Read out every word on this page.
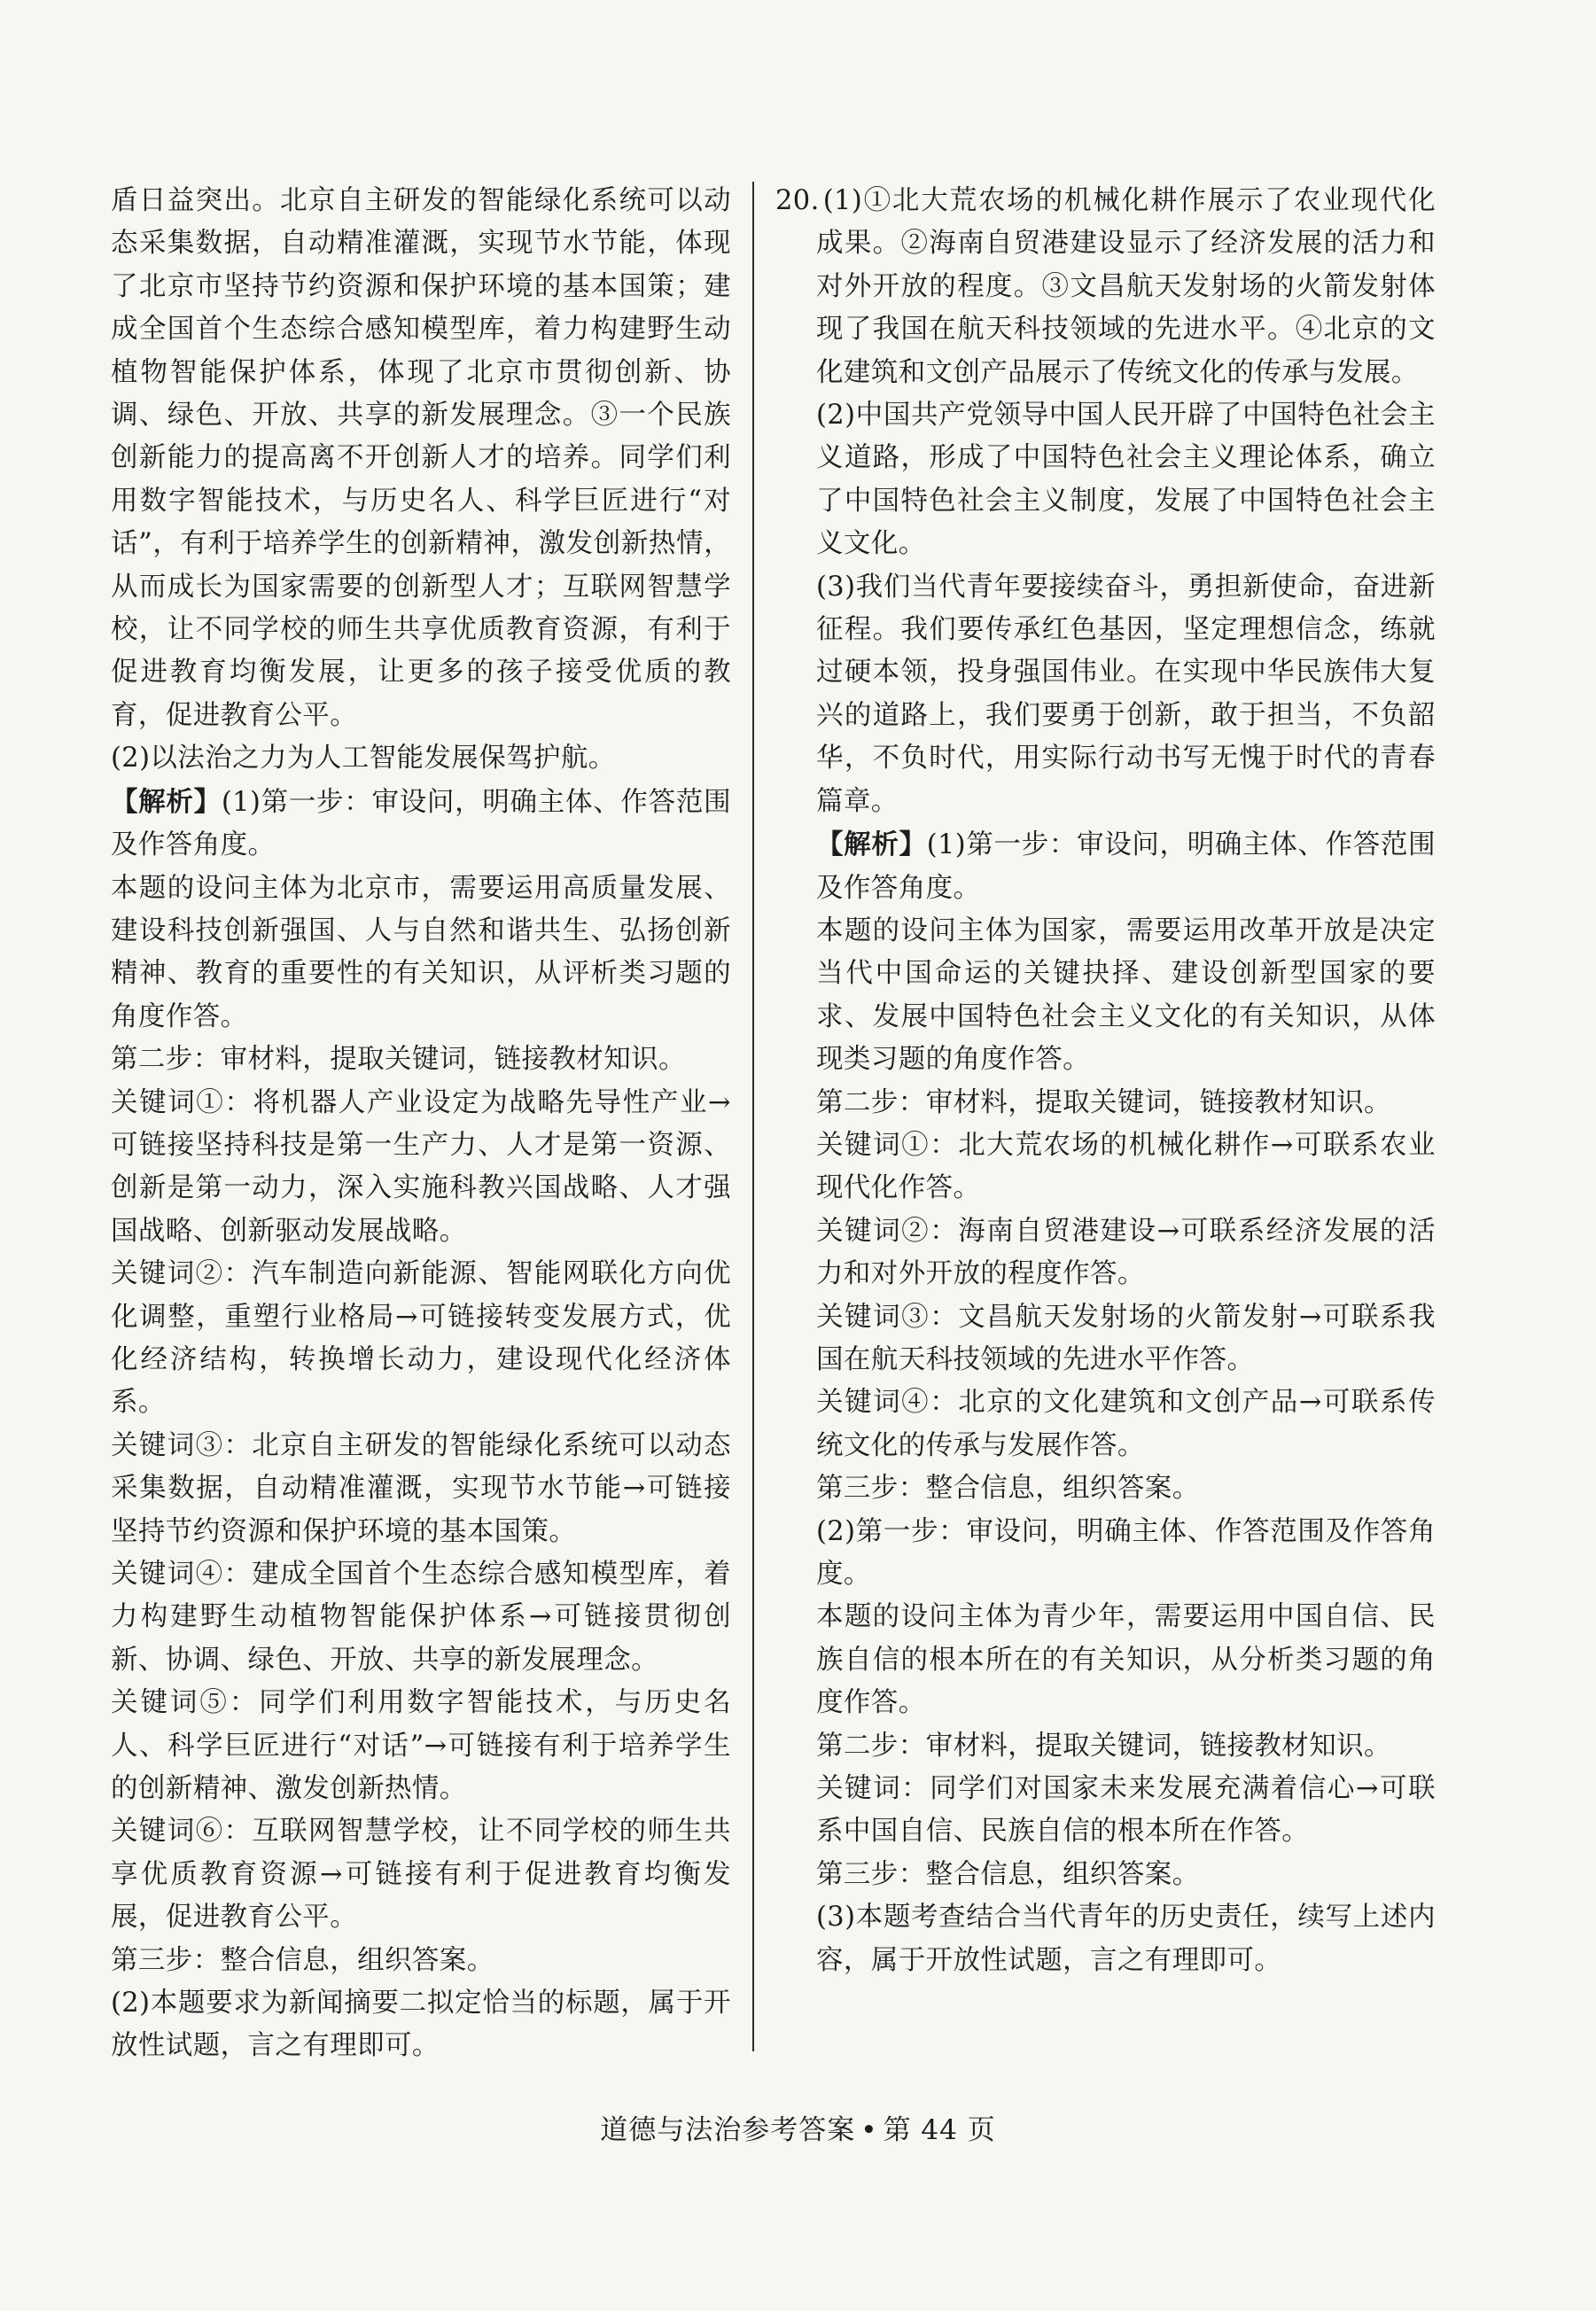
盾日益突出。北京自主研发的智能绿化系统可以动态采集数据，自动精准灌溉，实现节水节能，体现了北京市坚持节约资源和保护环境的基本国策；建成全国首个生态综合感知模型库，着力构建野生动植物智能保护体系，体现了北京市贯彻创新、协调、绿色、开放、共享的新发展理念。③一个民族创新能力的提高离不开创新人才的培养。同学们利用数字智能技术，与历史名人、科学巨匠进行“对话”，有利于培养学生的创新精神，激发创新热情，从而成长为国家需要的创新型人才；互联网智慧学校，让不同学校的师生共享优质教育资源，有利于促进教育均衡发展，让更多的孩子接受优质的教育，促进教育公平。

(2)以法治之力为人工智能发展保驾护航。

【解析】(1)第一步：审设问，明确主体、作答范围及作答角度。

本题的设问主体为北京市，需要运用高质量发展、建设科技创新强国、人与自然和谐共生、弘扬创新精神、教育的重要性的有关知识，从评析类习题的角度作答。

第二步：审材料，提取关键词，链接教材知识。

关键词①：将机器人产业设定为战略先导性产业→可链接坚持科技是第一生产力、人才是第一资源、创新是第一动力，深入实施科教兴国战略、人才强国战略、创新驱动发展战略。

关键词②：汽车制造向新能源、智能网联化方向优化调整，重塑行业格局→可链接转变发展方式，优化经济结构，转换增长动力，建设现代化经济体系。

关键词③：北京自主研发的智能绿化系统可以动态采集数据，自动精准灌溉，实现节水节能→可链接坚持节约资源和保护环境的基本国策。

关键词④：建成全国首个生态综合感知模型库，着力构建野生动植物智能保护体系→可链接贯彻创新、协调、绿色、开放、共享的新发展理念。

关键词⑤：同学们利用数字智能技术，与历史名人、科学巨匠进行“对话”→可链接有利于培养学生的创新精神、激发创新热情。

关键词⑥：互联网智慧学校，让不同学校的师生共享优质教育资源→可链接有利于促进教育均衡发展，促进教育公平。

第三步：整合信息，组织答案。

(2)本题要求为新闻摘要二拟定恰当的标题，属于开放性试题，言之有理即可。

20. (1)①北大荒农场的机械化耕作展示了农业现代化成果。②海南自贸港建设显示了经济发展的活力和对外开放的程度。③文昌航天发射场的火箭发射体现了我国在航天科技领域的先进水平。④北京的文化建筑和文创产品展示了传统文化的传承与发展。

(2)中国共产党领导中国人民开辟了中国特色社会主义道路，形成了中国特色社会主义理论体系，确立了中国特色社会主义制度，发展了中国特色社会主义文化。

(3)我们当代青年要接续奋斗，勇担新使命，奋进新征程。我们要传承红色基因，坚定理想信念，练就过硬本领，投身强国伟业。在实现中华民族伟大复兴的道路上，我们要勇于创新，敢于担当，不负韶华，不负时代，用实际行动书写无愧于时代的青春篇章。

【解析】(1)第一步：审设问，明确主体、作答范围及作答角度。

本题的设问主体为国家，需要运用改革开放是决定当代中国命运的关键抉择、建设创新型国家的要求、发展中国特色社会主义文化的有关知识，从体现类习题的角度作答。

第二步：审材料，提取关键词，链接教材知识。

关键词①：北大荒农场的机械化耕作→可联系农业现代化作答。

关键词②：海南自贸港建设→可联系经济发展的活力和对外开放的程度作答。

关键词③：文昌航天发射场的火箭发射→可联系我国在航天科技领域的先进水平作答。

关键词④：北京的文化建筑和文创产品→可联系传统文化的传承与发展作答。

第三步：整合信息，组织答案。

(2)第一步：审设问，明确主体、作答范围及作答角度。

本题的设问主体为青少年，需要运用中国自信、民族自信的根本所在的有关知识，从分析类习题的角度作答。

第二步：审材料，提取关键词，链接教材知识。

关键词：同学们对国家未来发展充满着信心→可联系中国自信、民族自信的根本所在作答。

第三步：整合信息，组织答案。

(3)本题考查结合当代青年的历史责任，续写上述内容，属于开放性试题，言之有理即可。

道德与法治参考答案 • 第 44 页
